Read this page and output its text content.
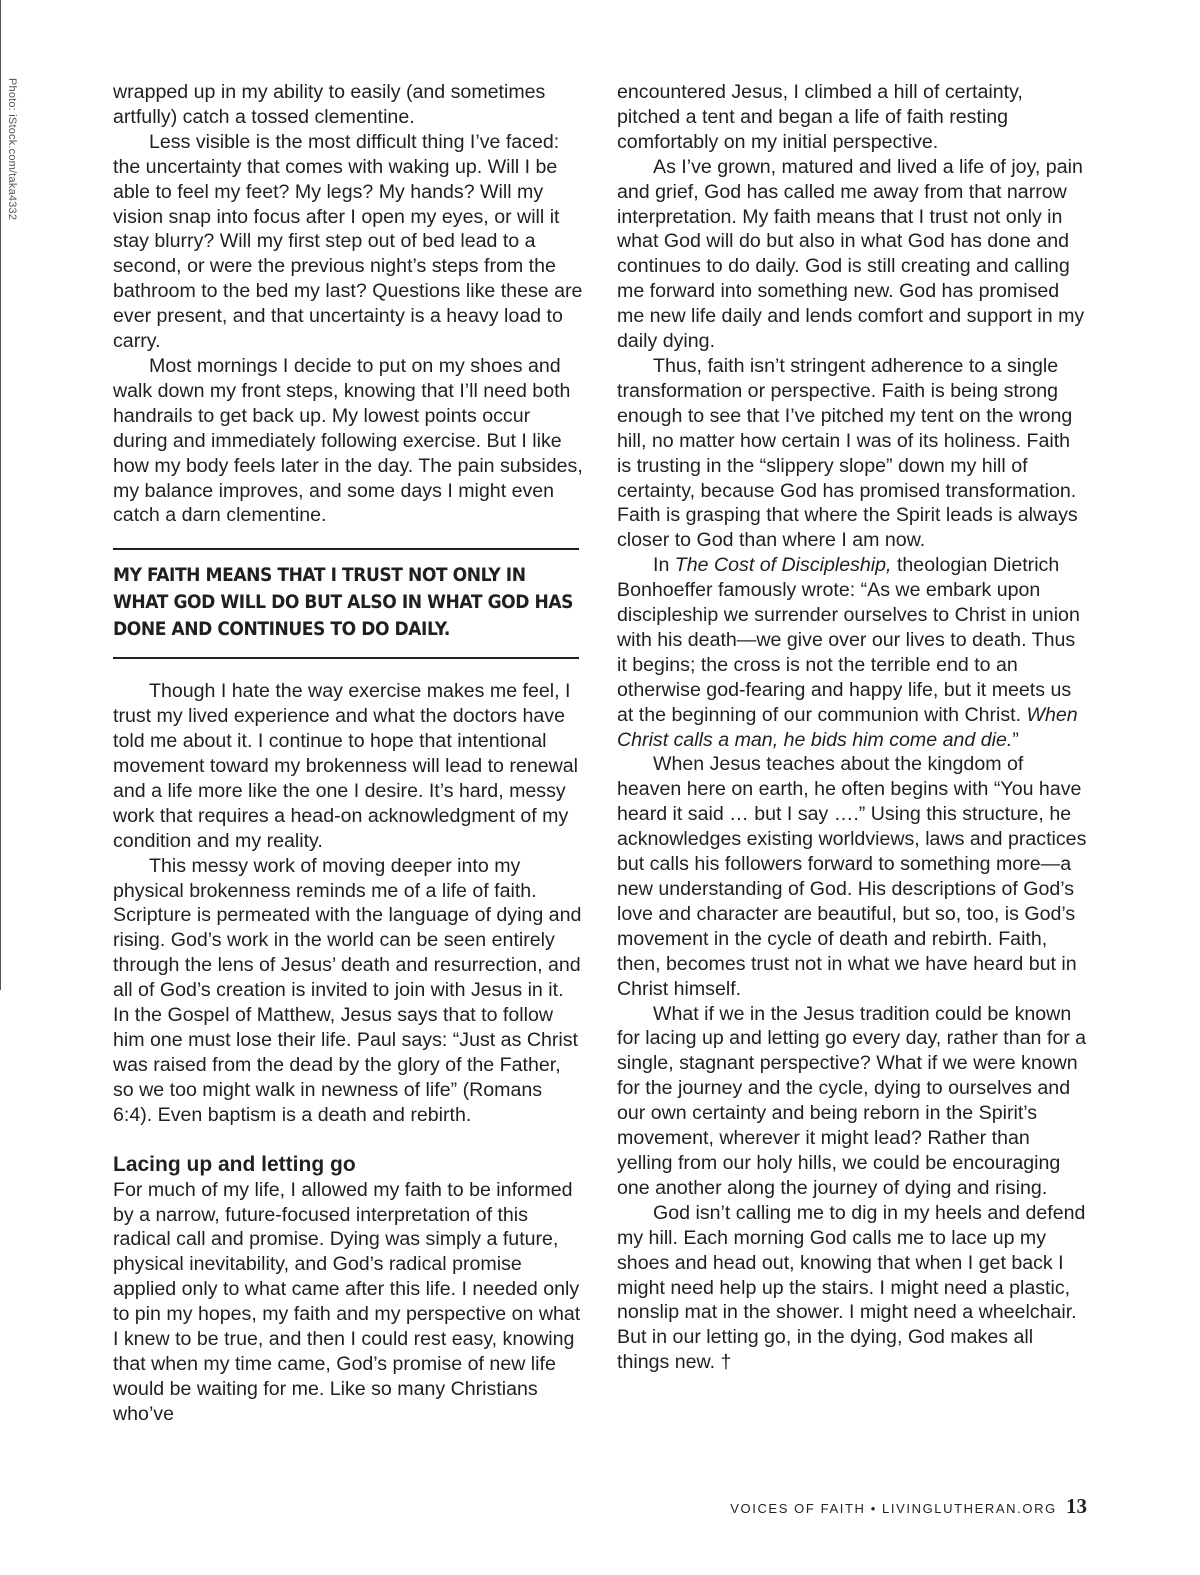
Photo: iStock.com/taka4332	wrapped up in my ability to easily (and sometimes artfully) catch a tossed clementine.

Less visible is the most difficult thing I’ve faced: the uncertainty that comes with waking up. Will I be able to feel my feet? My legs? My hands? Will my vision snap into focus after I open my eyes, or will it stay blurry? Will my first step out of bed lead to a second, or were the previous night’s steps from the bathroom to the bed my last? Questions like these are ever present, and that uncertainty is a heavy load to carry.

Most mornings I decide to put on my shoes and walk down my front steps, knowing that I’ll need both handrails to get back up. My lowest points occur during and immediately following exercise. But I like how my body feels later in the day. The pain subsides, my balance improves, and some days I might even catch a darn clementine.

MY FAITH MEANS THAT I TRUST NOT ONLY IN WHAT GOD WILL DO BUT ALSO IN WHAT GOD HAS DONE AND CONTINUES TO DO DAILY.

Though I hate the way exercise makes me feel, I trust my lived experience and what the doctors have told me about it. I continue to hope that intentional movement toward my brokenness will lead to renewal and a life more like the one I desire. It’s hard, messy work that requires a head-on acknowledgment of my condition and my reality.

This messy work of moving deeper into my physical brokenness reminds me of a life of faith. Scripture is permeated with the language of dying and rising. God’s work in the world can be seen entirely through the lens of Jesus’ death and resurrection, and all of God’s creation is invited to join with Jesus in it. In the Gospel of Matthew, Jesus says that to follow him one must lose their life. Paul says: “Just as Christ was raised from the dead by the glory of the Father, so we too might walk in newness of life” (Romans 6:4). Even baptism is a death and rebirth.

Lacing up and letting go

For much of my life, I allowed my faith to be informed by a narrow, future-focused interpretation of this radical call and promise. Dying was simply a future, physical inevitability, and God’s radical promise applied only to what came after this life. I needed only to pin my hopes, my faith and my perspective on what I knew to be true, and then I could rest easy, knowing that when my time came, God’s promise of new life would be waiting for me. Like so many Christians who’ve

encountered Jesus, I climbed a hill of certainty, pitched a tent and began a life of faith resting comfortably on my initial perspective.

As I’ve grown, matured and lived a life of joy, pain and grief, God has called me away from that narrow interpretation. My faith means that I trust not only in what God will do but also in what God has done and continues to do daily. God is still creating and calling me forward into something new. God has promised me new life daily and lends comfort and support in my daily dying.

Thus, faith isn’t stringent adherence to a single transformation or perspective. Faith is being strong enough to see that I’ve pitched my tent on the wrong hill, no matter how certain I was of its holiness. Faith is trusting in the “slippery slope” down my hill of certainty, because God has promised transformation. Faith is grasping that where the Spirit leads is always closer to God than where I am now.

In The Cost of Discipleship, theologian Dietrich Bonhoeffer famously wrote: “As we embark upon discipleship we surrender ourselves to Christ in union with his death—we give over our lives to death. Thus it begins; the cross is not the terrible end to an otherwise god-fearing and happy life, but it meets us at the beginning of our communion with Christ. When Christ calls a man, he bids him come and die.”

When Jesus teaches about the kingdom of heaven here on earth, he often begins with “You have heard it said … but I say ….” Using this structure, he acknowledges existing worldviews, laws and practices but calls his followers forward to something more—a new understanding of God. His descriptions of God’s love and character are beautiful, but so, too, is God’s movement in the cycle of death and rebirth. Faith, then, becomes trust not in what we have heard but in Christ himself.

What if we in the Jesus tradition could be known for lacing up and letting go every day, rather than for a single, stagnant perspective? What if we were known for the journey and the cycle, dying to ourselves and our own certainty and being reborn in the Spirit’s movement, wherever it might lead? Rather than yelling from our holy hills, we could be encouraging one another along the journey of dying and rising.

God isn’t calling me to dig in my heels and defend my hill. Each morning God calls me to lace up my shoes and head out, knowing that when I get back I might need help up the stairs. I might need a plastic, nonslip mat in the shower. I might need a wheelchair. But in our letting go, in the dying, God makes all things new. †

VOICES OF FAITH • LIVINGLUTHERAN.ORG 13
